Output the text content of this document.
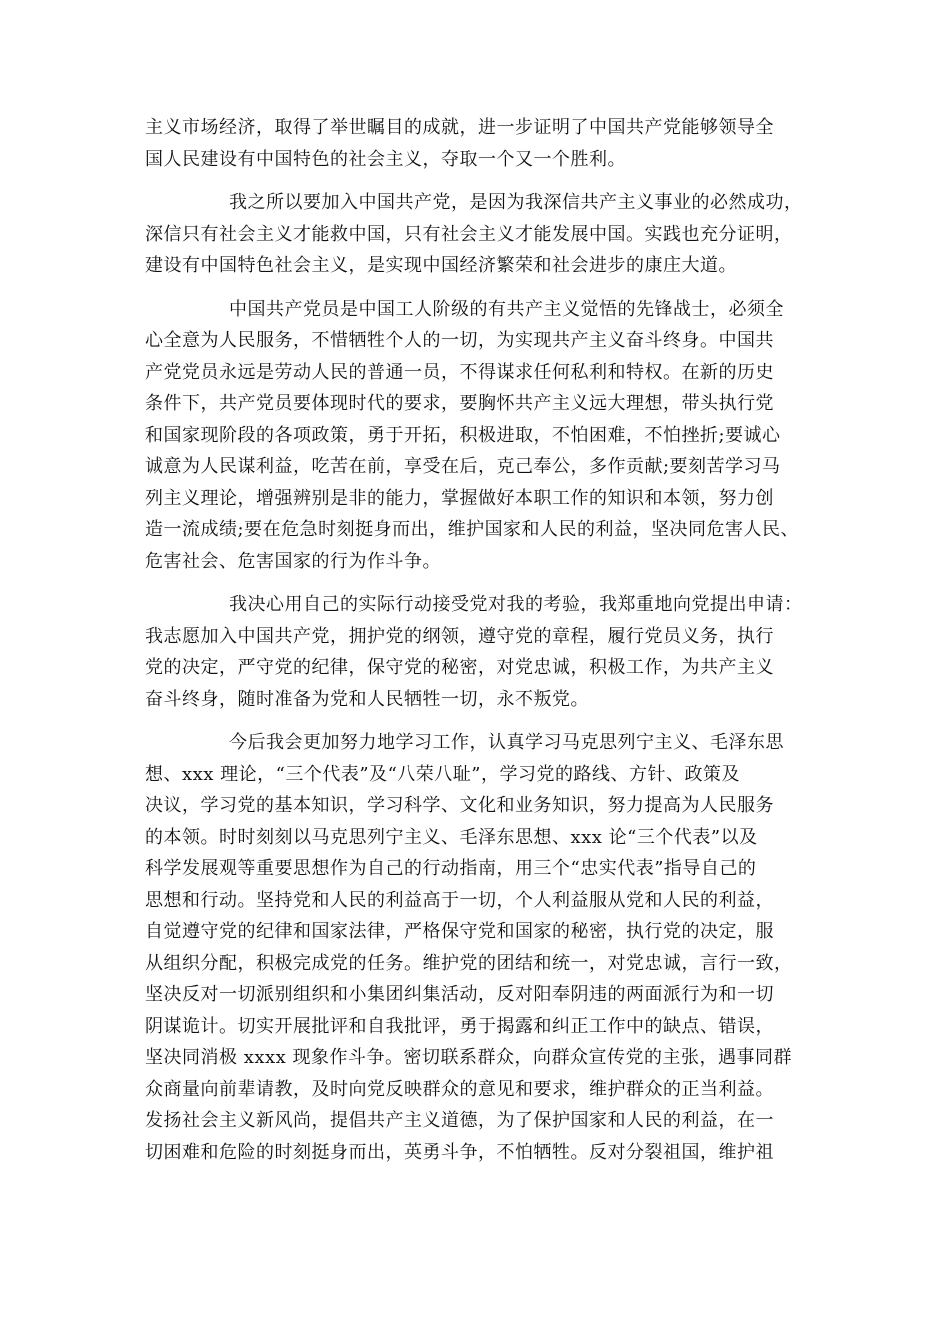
主义市场经济，取得了举世瞩目的成就，进一步证明了中国共产党能够领导全
国人民建设有中国特色的社会主义，夺取一个又一个胜利。

我之所以要加入中国共产党，是因为我深信共产主义事业的必然成功，
深信只有社会主义才能救中国，只有社会主义才能发展中国。实践也充分证明，
建设有中国特色社会主义，是实现中国经济繁荣和社会进步的康庄大道。

中国共产党员是中国工人阶级的有共产主义觉悟的先锋战士，必须全
心全意为人民服务，不惜牺牲个人的一切，为实现共产主义奋斗终身。中国共
产党党员永远是劳动人民的普通一员，不得谋求任何私利和特权。在新的历史
条件下，共产党员要体现时代的要求，要胸怀共产主义远大理想，带头执行党
和国家现阶段的各项政策，勇于开拓，积极进取，不怕困难，不怕挫折;要诚心
诚意为人民谋利益，吃苦在前，享受在后，克己奉公，多作贡献;要刻苦学习马
列主义理论，增强辨别是非的能力，掌握做好本职工作的知识和本领，努力创
造一流成绩;要在危急时刻挺身而出，维护国家和人民的利益，坚决同危害人民、
危害社会、危害国家的行为作斗争。

我决心用自己的实际行动接受党对我的考验，我郑重地向党提出申请：
我志愿加入中国共产党，拥护党的纲领，遵守党的章程，履行党员义务，执行
党的决定，严守党的纪律，保守党的秘密，对党忠诚，积极工作，为共产主义
奋斗终身，随时准备为党和人民牺牲一切，永不叛党。

今后我会更加努力地学习工作，认真学习马克思列宁主义、毛泽东思
想、xxx 理论，“三个代表”及“八荣八耻”，学习党的路线、方针、政策及
决议，学习党的基本知识，学习科学、文化和业务知识，努力提高为人民服务
的本领。时时刻刻以马克思列宁主义、毛泽东思想、xxx 论“三个代表”以及
科学发展观等重要思想作为自己的行动指南，用三个“忠实代表”指导自己的
思想和行动。坚持党和人民的利益高于一切，个人利益服从党和人民的利益，
自觉遵守党的纪律和国家法律，严格保守党和国家的秘密，执行党的决定，服
从组织分配，积极完成党的任务。维护党的团结和统一，对党忠诚，言行一致，
坚决反对一切派别组织和小集团纠集活动，反对阳奉阴违的两面派行为和一切
阴谋诡计。切实开展批评和自我批评，勇于揭露和纠正工作中的缺点、错误，
坚决同消极 xxxx 现象作斗争。密切联系群众，向群众宣传党的主张，遇事同群
众商量向前辈请教，及时向党反映群众的意见和要求，维护群众的正当利益。
发扬社会主义新风尚，提倡共产主义道德，为了保护国家和人民的利益，在一
切困难和危险的时刻挺身而出，英勇斗争，不怕牺牲。反对分裂祖国，维护祖
